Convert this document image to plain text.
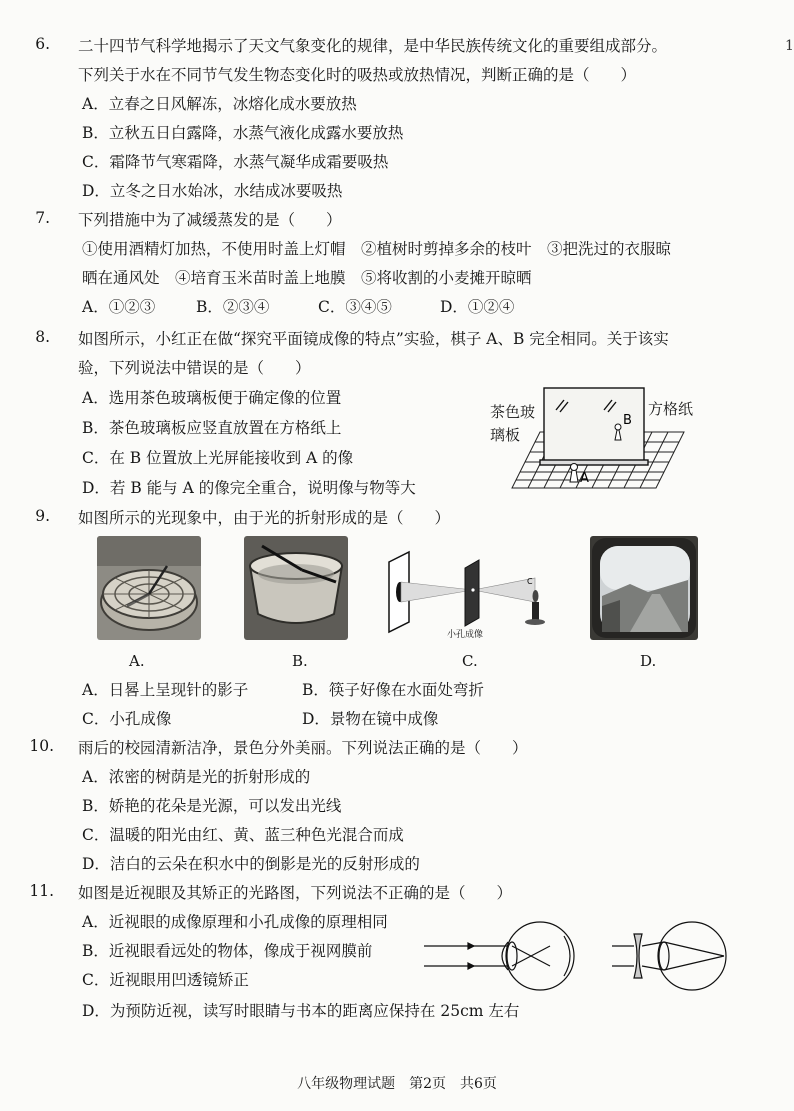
1
6. 二十四节气科学地揭示了天文气象变化的规律，是中华民族传统文化的重要组成部分。
下列关于水在不同节气发生物态变化时的吸热或放热情况，判断正确的是（　　）
A．立春之日风解冻，冰熔化成水要放热
B．立秋五日白露降，水蒸气液化成露水要放热
C．霜降节气寒霜降，水蒸气凝华成霜要吸热
D．立冬之日水始冰，水结成冰要吸热
7. 下列措施中为了减缓蒸发的是（　　）
①使用酒精灯加热，不使用时盖上灯帽　②植树时剪掉多余的枝叶　③把洗过的衣服晾
晒在通风处　④培育玉米苗时盖上地膜　⑤将收割的小麦摊开晾晒
A．①②③	B．②③④	C．③④⑤	D．①②④
8. 如图所示，小红正在做“探究平面镜成像的特点”实验，棋子 A、B 完全相同。关于该实
验，下列说法中错误的是（　　）
A．选用茶色玻璃板便于确定像的位置
B．茶色玻璃板应竖直放置在方格纸上
C．在 B 位置放上光屏能接收到 A 的像
D．若 B 能与 A 的像完全重合，说明像与物等大
B
A
茶色玻
璃板
方格纸
9. 如图所示的光现象中，由于光的折射形成的是（　　）
C
小孔成像
A.	B.	C.	D.
A．日晷上呈现针的影子	B．筷子好像在水面处弯折
C．小孔成像	D．景物在镜中成像
10. 雨后的校园清新洁净，景色分外美丽。下列说法正确的是（　　）
A．浓密的树荫是光的折射形成的
B．娇艳的花朵是光源，可以发出光线
C．温暖的阳光由红、黄、蓝三种色光混合而成
D．洁白的云朵在积水中的倒影是光的反射形成的
11. 如图是近视眼及其矫正的光路图，下列说法不正确的是（　　）
A．近视眼的成像原理和小孔成像的原理相同
B．近视眼看远处的物体，像成于视网膜前
C．近视眼用凹透镜矫正
D．为预防近视，读写时眼睛与书本的距离应保持在 25cm 左右
八年级物理试题　第2页　共6页
